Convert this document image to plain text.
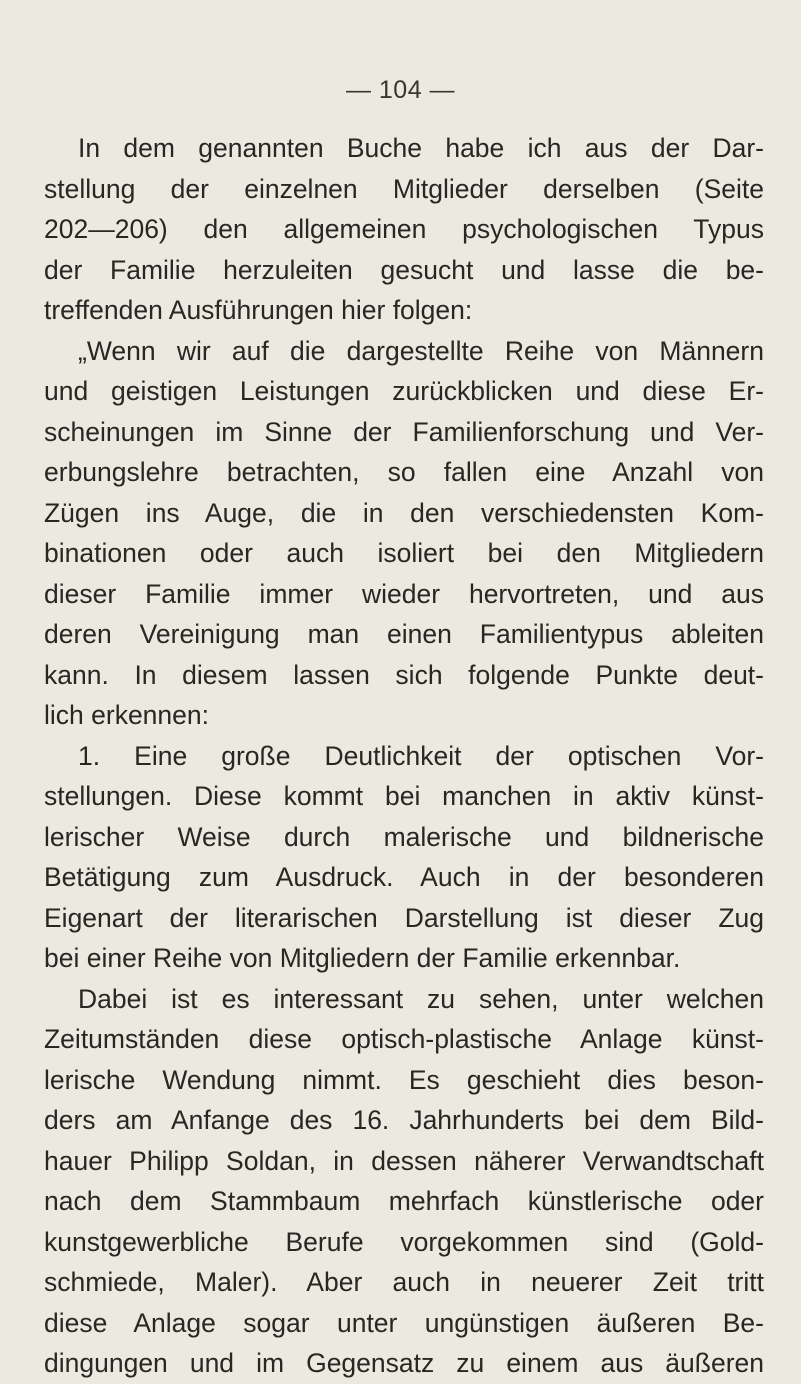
— 104 —
In dem genannten Buche habe ich aus der Dar-
stellung der einzelnen Mitglieder derselben (Seite
202—206) den allgemeinen psychologischen Typus
der Familie herzuleiten gesucht und lasse die be-
treffenden Ausführungen hier folgen:
„Wenn wir auf die dargestellte Reihe von Männern
und geistigen Leistungen zurückblicken und diese Er-
scheinungen im Sinne der Familienforschung und Ver-
erbungslehre betrachten, so fallen eine Anzahl von
Zügen ins Auge, die in den verschiedensten Kom-
binationen oder auch isoliert bei den Mitgliedern
dieser Familie immer wieder hervortreten, und aus
deren Vereinigung man einen Familientypus ableiten
kann. In diesem lassen sich folgende Punkte deut-
lich erkennen:
1. Eine große Deutlichkeit der optischen Vor-
stellungen. Diese kommt bei manchen in aktiv künst-
lerischer Weise durch malerische und bildnerische
Betätigung zum Ausdruck. Auch in der besonderen
Eigenart der literarischen Darstellung ist dieser Zug
bei einer Reihe von Mitgliedern der Familie erkennbar.
Dabei ist es interessant zu sehen, unter welchen
Zeitumständen diese optisch-plastische Anlage künst-
lerische Wendung nimmt. Es geschieht dies beson-
ders am Anfange des 16. Jahrhunderts bei dem Bild-
hauer Philipp Soldan, in dessen näherer Verwandtschaft
nach dem Stammbaum mehrfach künstlerische oder
kunstgewerbliche Berufe vorgekommen sind (Gold-
schmiede, Maler). Aber auch in neuerer Zeit tritt
diese Anlage sogar unter ungünstigen äußeren Be-
dingungen und im Gegensatz zu einem aus äußeren
